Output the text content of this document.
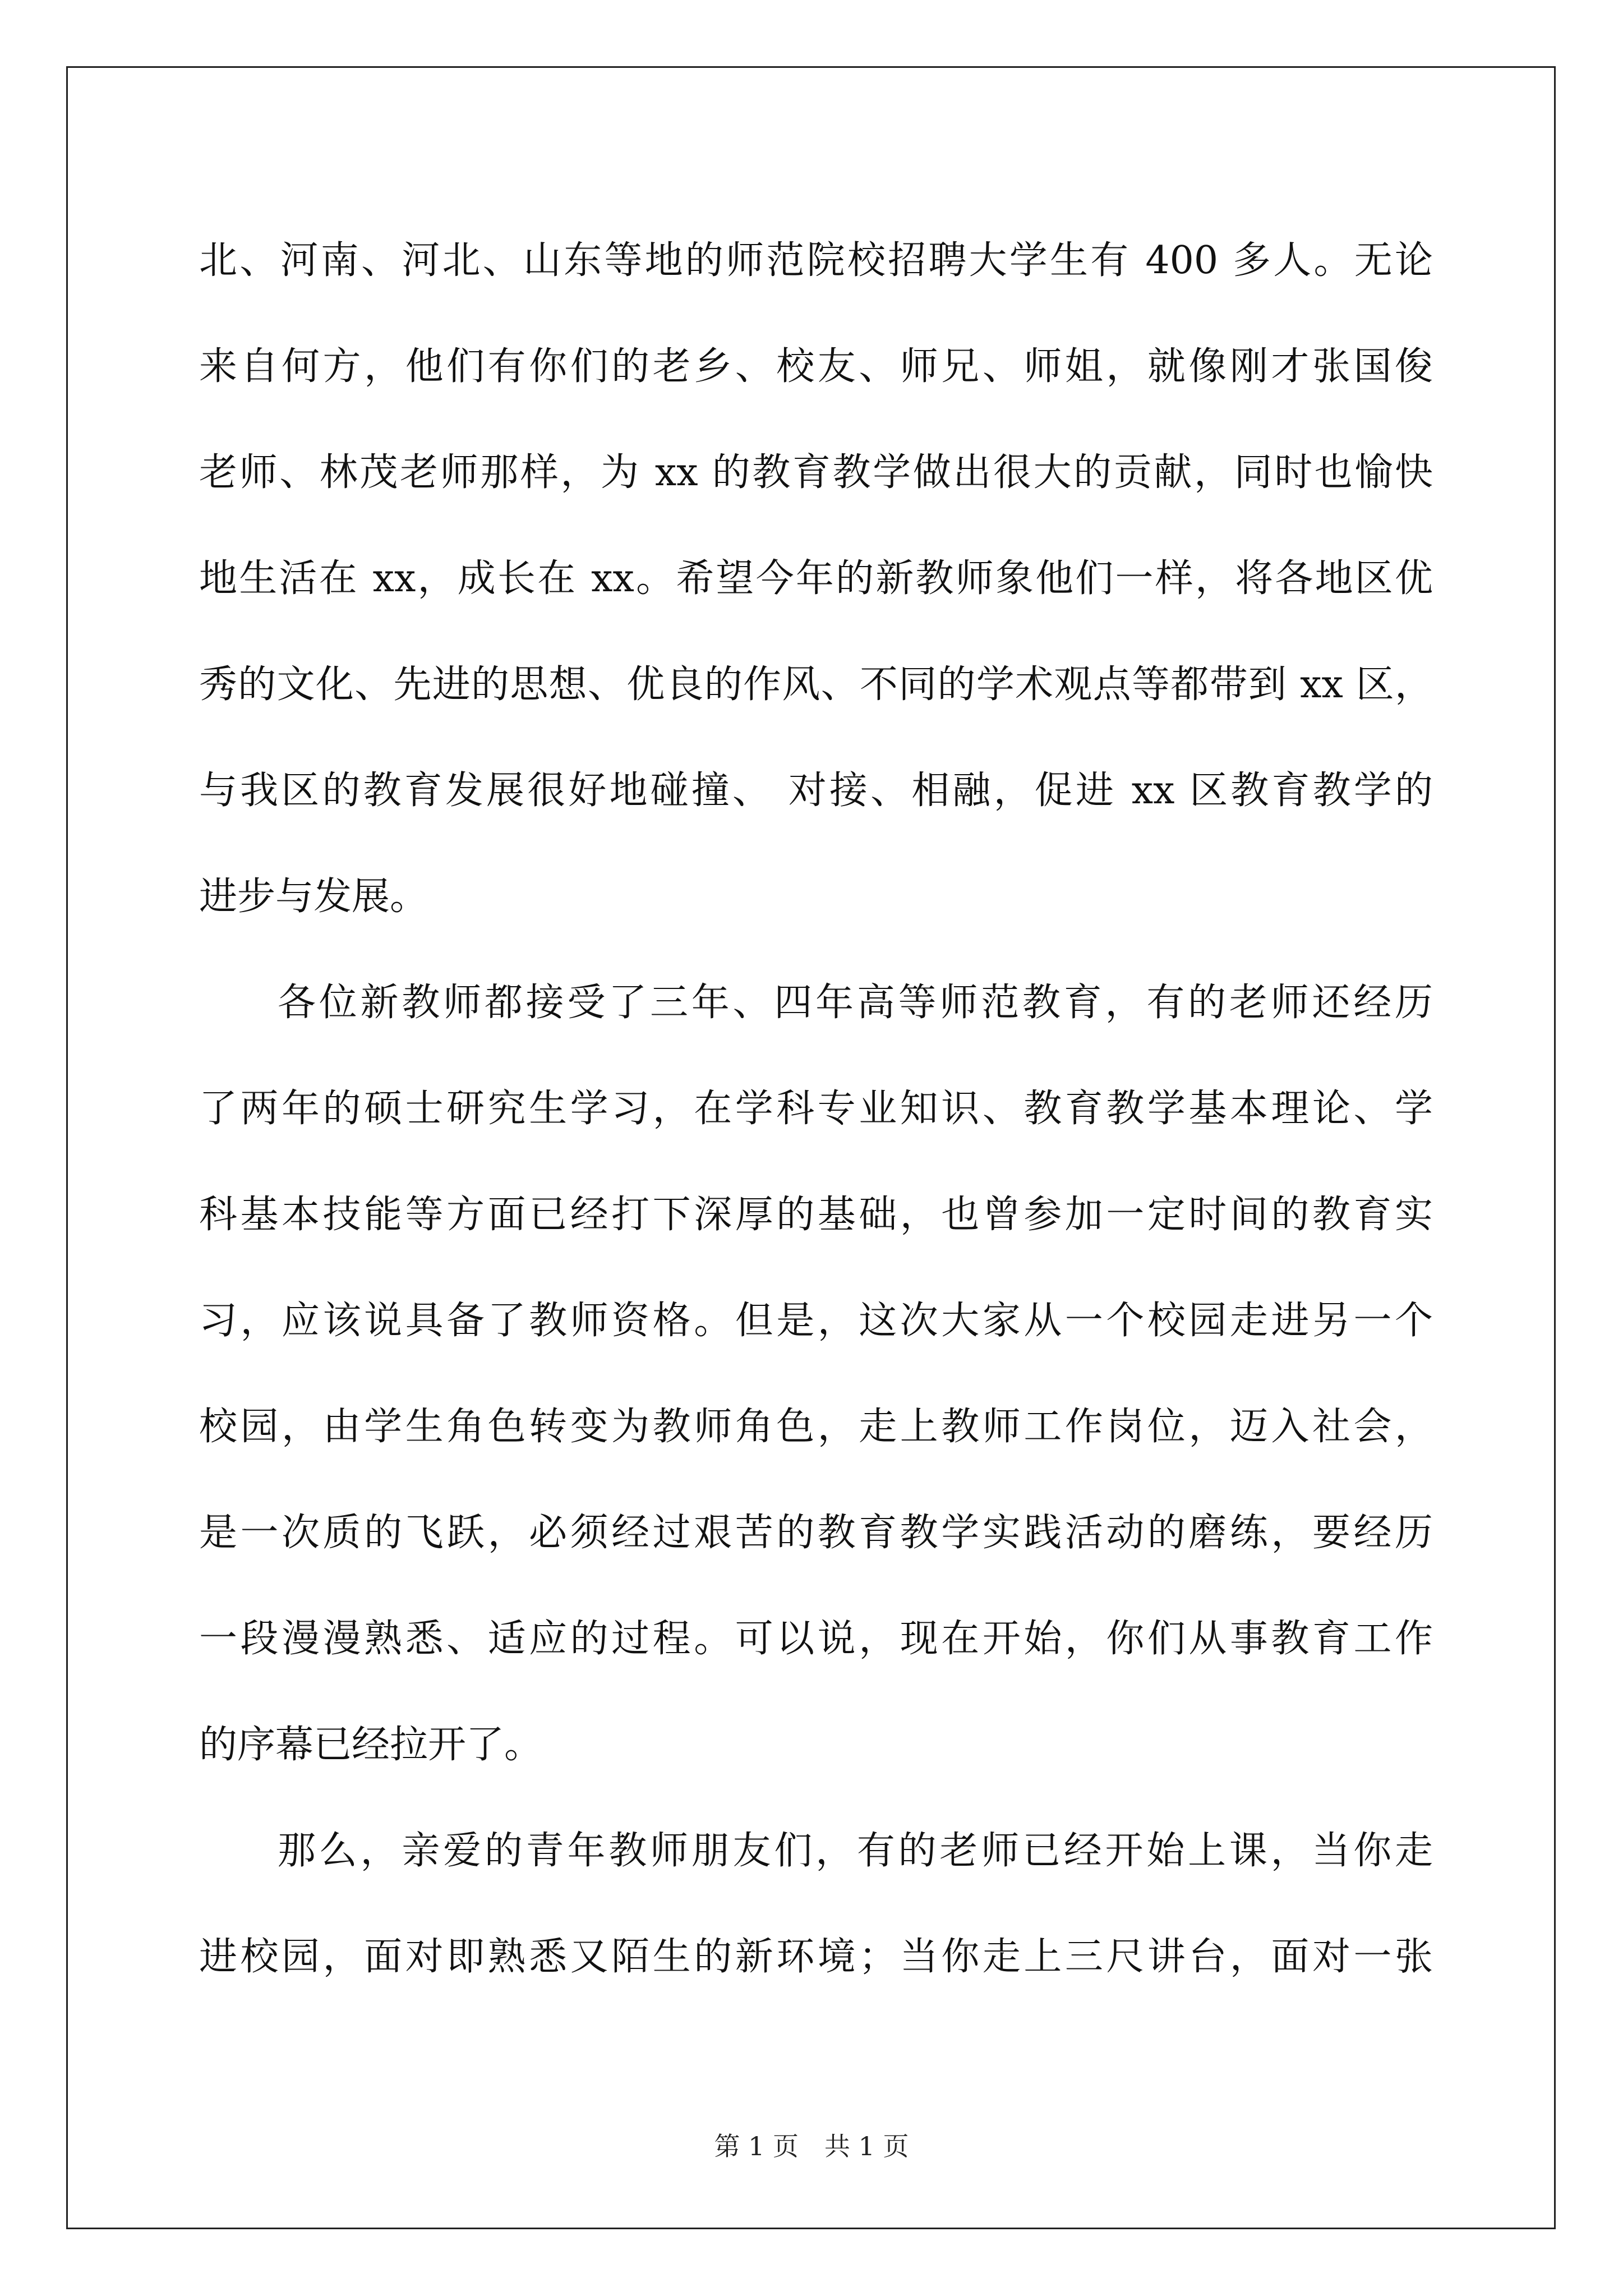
北、河南、河北、山东等地的师范院校招聘大学生有 400 多人。无论
来自何方，他们有你们的老乡、校友、师兄、师姐，就像刚才张国俊
老师、林茂老师那样，为 xx 的教育教学做出很大的贡献，同时也愉快
地生活在 xx，成长在 xx。希望今年的新教师象他们一样，将各地区优
秀的文化、先进的思想、优良的作风、不同的学术观点等都带到 xx 区，
与我区的教育发展很好地碰撞、 对接、相融，促进 xx 区教育教学的
进步与发展。
各位新教师都接受了三年、四年高等师范教育，有的老师还经历
了两年的硕士研究生学习，在学科专业知识、教育教学基本理论、学
科基本技能等方面已经打下深厚的基础，也曾参加一定时间的教育实
习，应该说具备了教师资格。但是，这次大家从一个校园走进另一个
校园，由学生角色转变为教师角色，走上教师工作岗位，迈入社会，
是一次质的飞跃，必须经过艰苦的教育教学实践活动的磨练，要经历
一段漫漫熟悉、适应的过程。可以说，现在开始，你们从事教育工作
的序幕已经拉开了。
那么，亲爱的青年教师朋友们，有的老师已经开始上课，当你走
进校园，面对即熟悉又陌生的新环境；当你走上三尺讲台，面对一张
第 1 页　共 1 页
